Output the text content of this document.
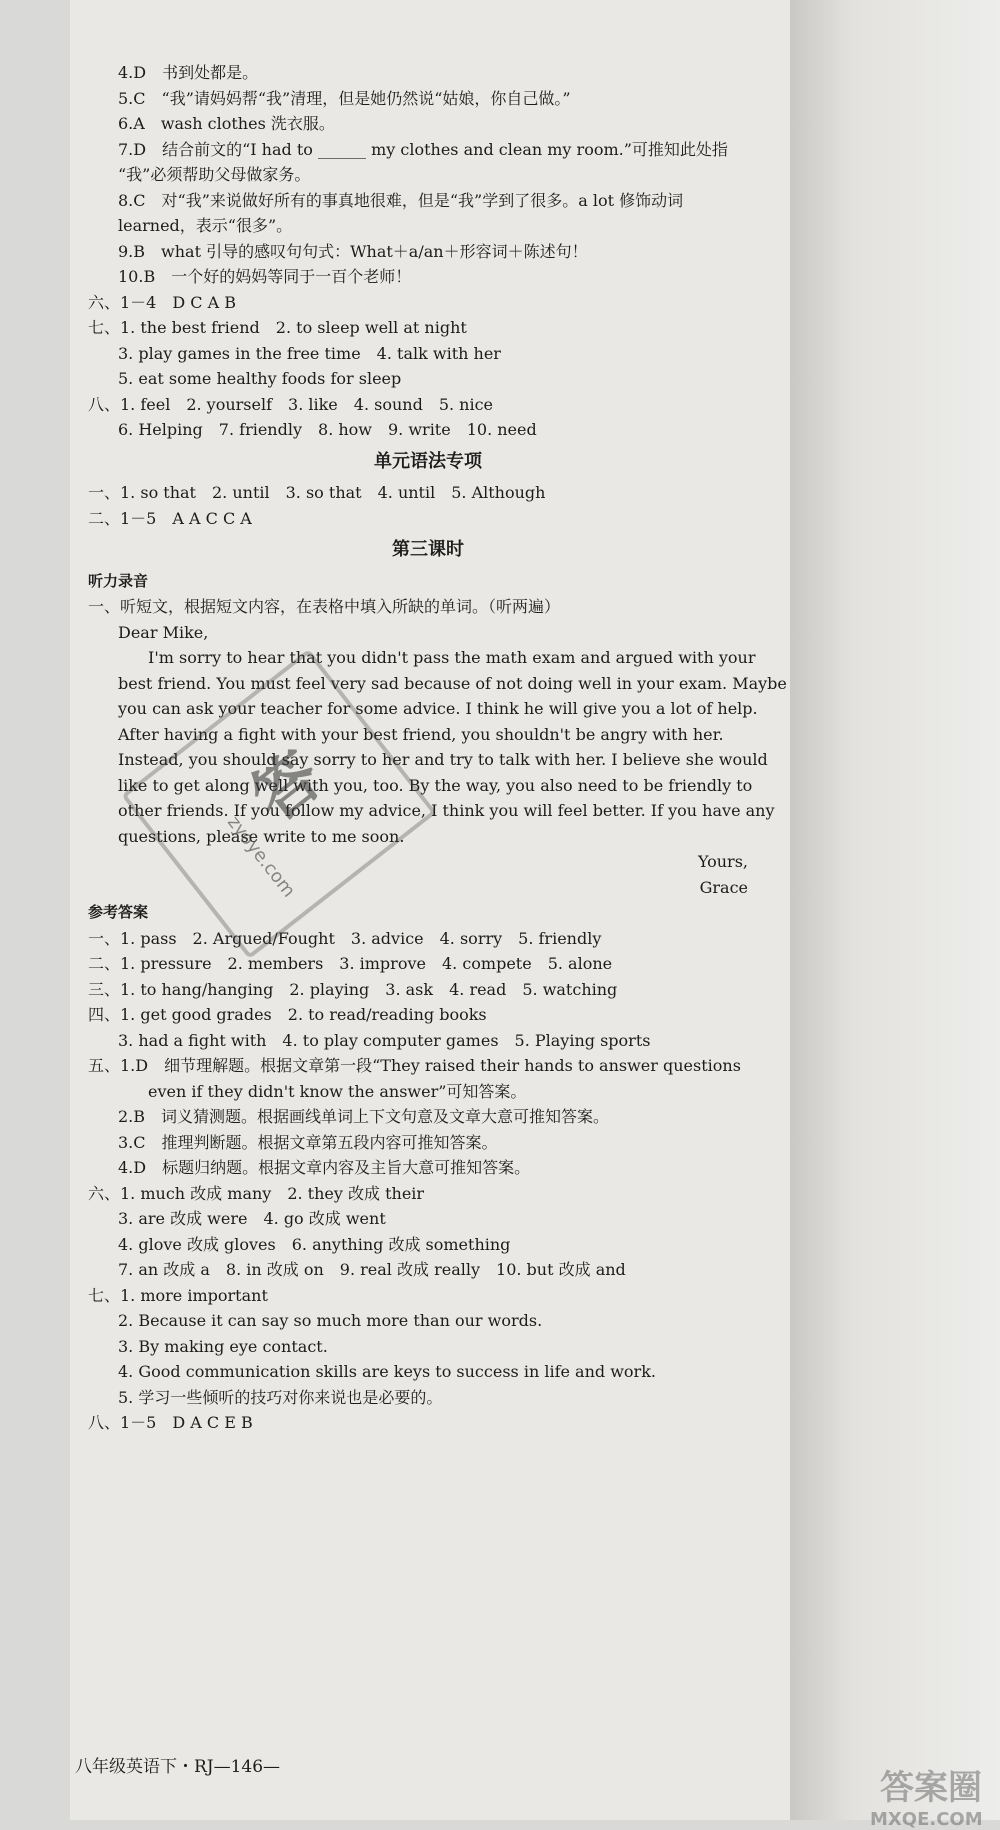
4.D　书到处都是。
5.C　“我”请妈妈帮“我”清理，但是她仍然说“姑娘，你自己做。”
6.A　wash clothes 洗衣服。
7.D　结合前文的“I had to ______ my clothes and clean my room.”可推知此处指
“我”必须帮助父母做家务。
8.C　对“我”来说做好所有的事真地很难，但是“我”学到了很多。a lot 修饰动词
learned，表示“很多”。
9.B　what 引导的感叹句句式：What＋a/an＋形容词＋陈述句！
10.B　一个好的妈妈等同于一百个老师！
六、1－4　D C A B
七、1. the best friend　2. to sleep well at night
3. play games in the free time　4. talk with her
5. eat some healthy foods for sleep
八、1. feel　2. yourself　3. like　4. sound　5. nice
6. Helping　7. friendly　8. how　9. write　10. need
单元语法专项
一、1. so that　2. until　3. so that　4. until　5. Although
二、1－5　A A C C A
第三课时
听力录音
一、听短文，根据短文内容，在表格中填入所缺的单词。（听两遍）
Dear Mike,
I'm sorry to hear that you didn't pass the math exam and argued with your
best friend. You must feel very sad because of not doing well in your exam. Maybe
you can ask your teacher for some advice. I think he will give you a lot of help.
After having a fight with your best friend, you shouldn't be angry with her.
Instead, you should say sorry to her and try to talk with her. I believe she would
like to get along well with you, too. By the way, you also need to be friendly to
other friends. If you follow my advice, I think you will feel better. If you have any
questions, please write to me soon.
Yours,
Grace
参考答案
一、1. pass　2. Argued/Fought　3. advice　4. sorry　5. friendly
二、1. pressure　2. members　3. improve　4. compete　5. alone
三、1. to hang/hanging　2. playing　3. ask　4. read　5. watching
四、1. get good grades　2. to read/reading books
3. had a fight with　4. to play computer games　5. Playing sports
五、1.D　细节理解题。根据文章第一段“They raised their hands to answer questions
even if they didn't know the answer”可知答案。
2.B　词义猜测题。根据画线单词上下文句意及文章大意可推知答案。
3.C　推理判断题。根据文章第五段内容可推知答案。
4.D　标题归纳题。根据文章内容及主旨大意可推知答案。
六、1. much 改成 many　2. they 改成 their
3. are 改成 were　4. go 改成 went
4. glove 改成 gloves　6. anything 改成 something
7. an 改成 a　8. in 改成 on　9. real 改成 really　10. but 改成 and
七、1. more important
2. Because it can say so much more than our words.
3. By making eye contact.
4. Good communication skills are keys to success in life and work.
5. 学习一些倾听的技巧对你来说也是必要的。
八、1－5　D A C E B
答
zyoye.com
八年级英语下・RJ—146—
答案圈
MXQE.COM
